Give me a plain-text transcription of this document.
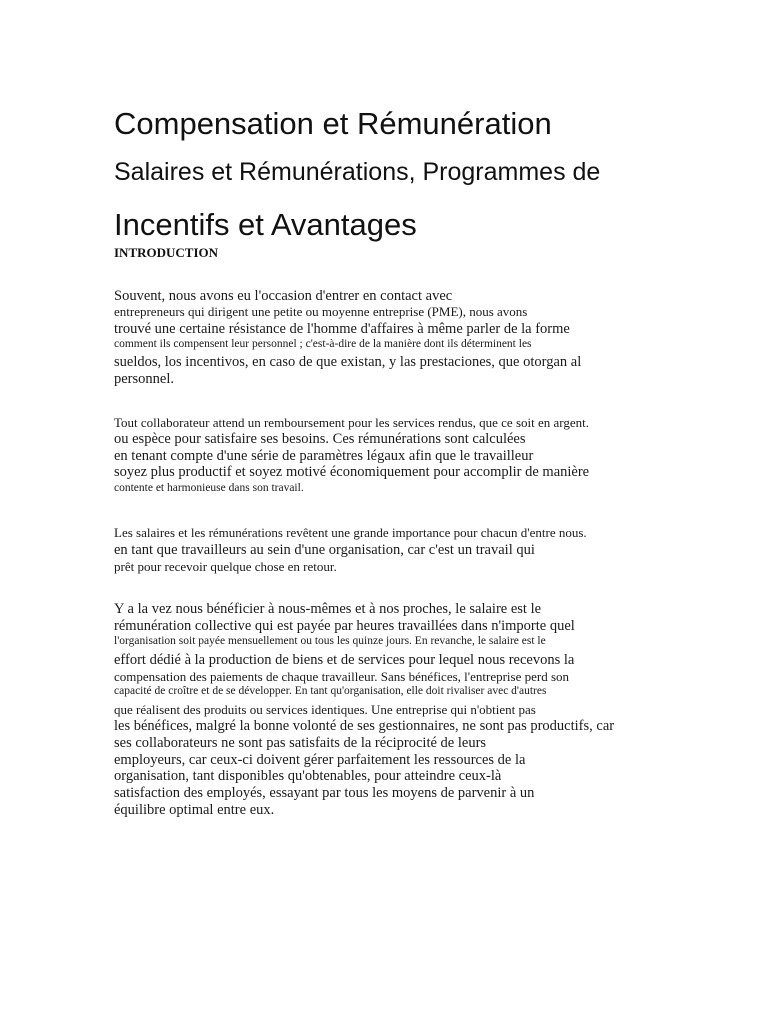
Compensation et Rémunération
Salaires et Rémunérations, Programmes de
Incentifs et Avantages
INTRODUCTION
Souvent, nous avons eu l'occasion d'entrer en contact avec
entrepreneurs qui dirigent une petite ou moyenne entreprise (PME), nous avons
trouvé une certaine résistance de l'homme d'affaires à même parler de la forme
comment ils compensent leur personnel ; c'est-à-dire de la manière dont ils déterminent les
sueldos, los incentivos, en caso de que existan, y las prestaciones, que otorgan al
personnel.
Tout collaborateur attend un remboursement pour les services rendus, que ce soit en argent.
ou espèce pour satisfaire ses besoins. Ces rémunérations sont calculées
en tenant compte d'une série de paramètres légaux afin que le travailleur
soyez plus productif et soyez motivé économiquement pour accomplir de manière
contente et harmonieuse dans son travail.
Les salaires et les rémunérations revêtent une grande importance pour chacun d'entre nous.
en tant que travailleurs au sein d'une organisation, car c'est un travail qui
prêt pour recevoir quelque chose en retour.
Y a la vez nous bénéficier à nous-mêmes et à nos proches, le salaire est le
rémunération collective qui est payée par heures travaillées dans n'importe quel
l'organisation soit payée mensuellement ou tous les quinze jours. En revanche, le salaire est le
effort dédié à la production de biens et de services pour lequel nous recevons la
compensation des paiements de chaque travailleur. Sans bénéfices, l'entreprise perd son
capacité de croître et de se développer. En tant qu'organisation, elle doit rivaliser avec d'autres
que réalisent des produits ou services identiques. Une entreprise qui n'obtient pas
les bénéfices, malgré la bonne volonté de ses gestionnaires, ne sont pas productifs, car
ses collaborateurs ne sont pas satisfaits de la réciprocité de leurs
employeurs, car ceux-ci doivent gérer parfaitement les ressources de la
organisation, tant disponibles qu'obtenables, pour atteindre ceux-là
satisfaction des employés, essayant par tous les moyens de parvenir à un
équilibre optimal entre eux.
